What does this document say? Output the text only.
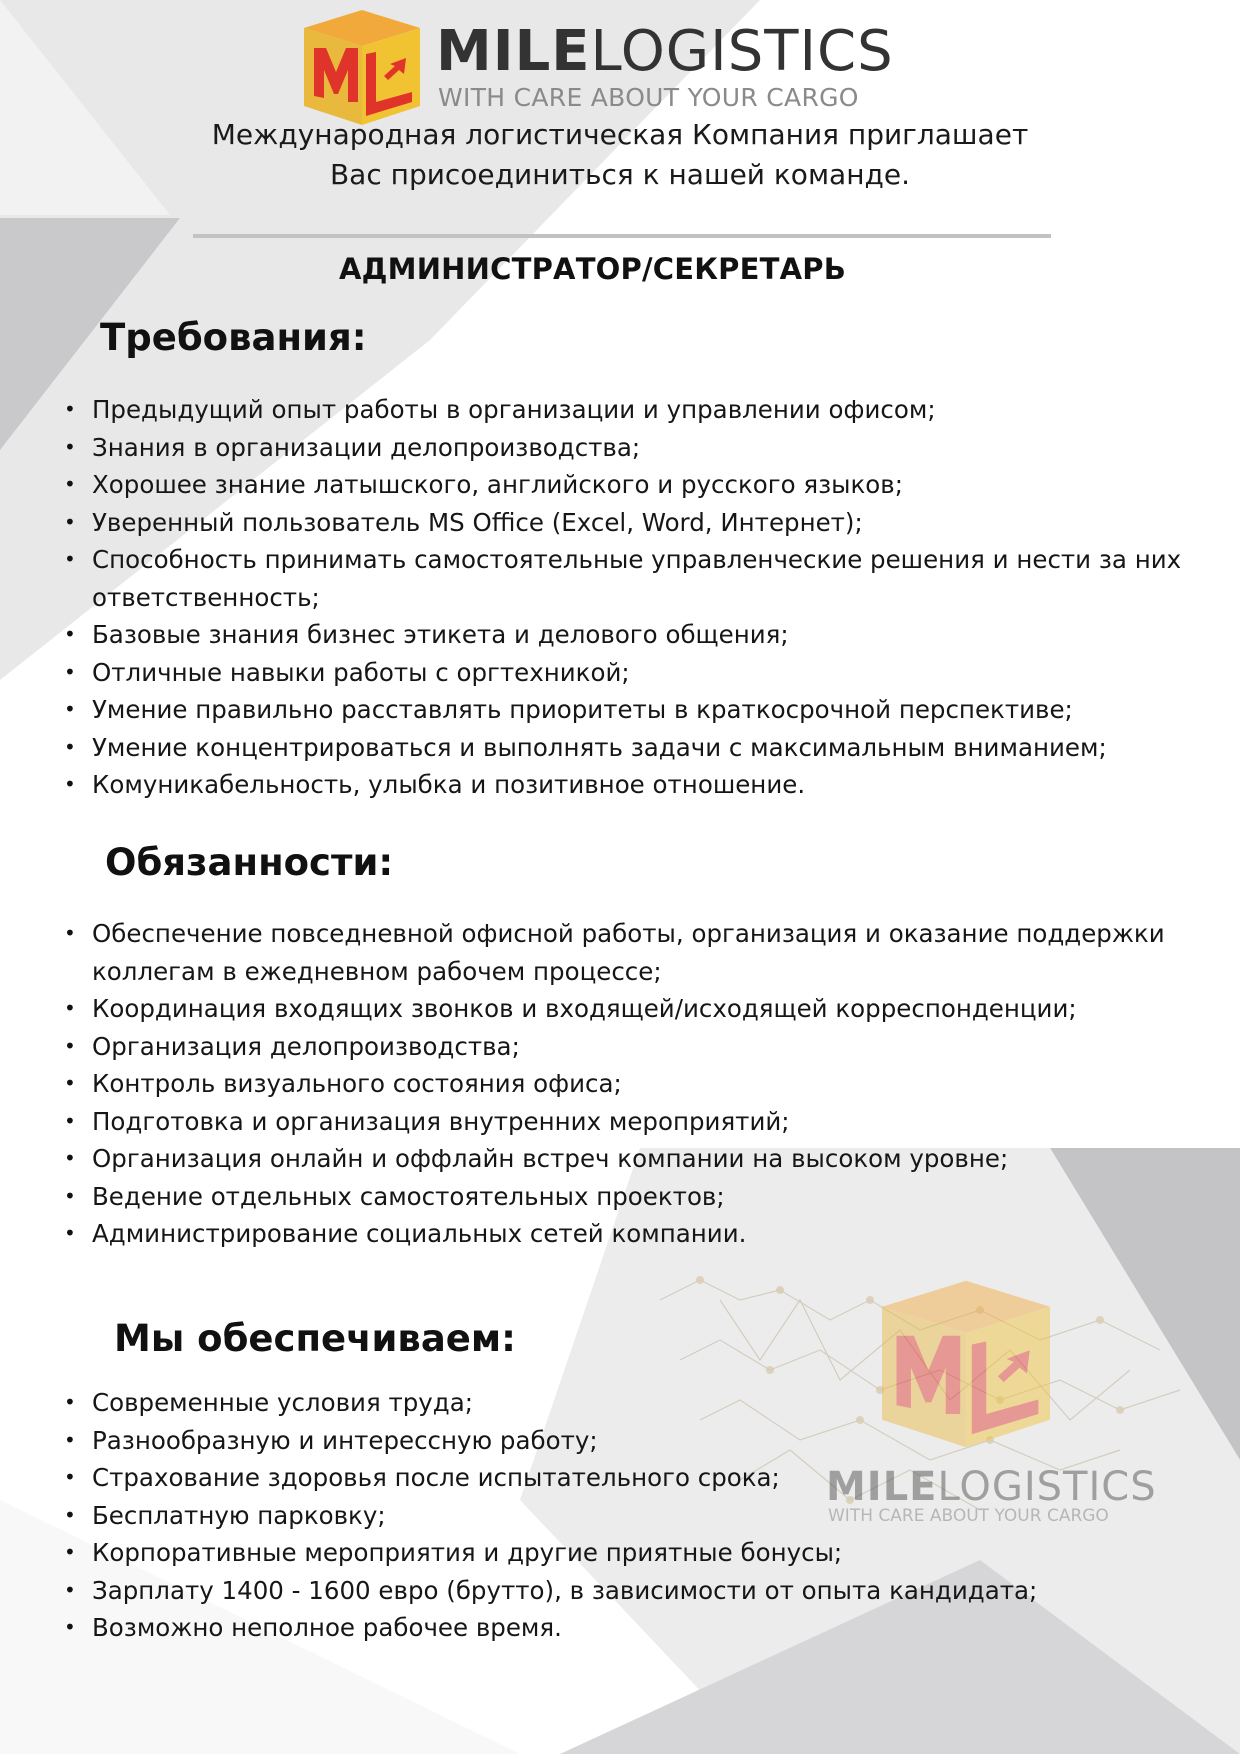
MILELOGISTICS
WITH CARE ABOUT YOUR CARGO
Международная логистическая Компания приглашает
Вас присоединиться к нашей команде.
АДМИНИСТРАТОР/СЕКРЕТАРЬ
Требования:
• Предыдущий опыт работы в организации и управлении офисом;
• Знания в организации делопроизводства;
• Хорошее знание латышского, английского и русского языков;
• Уверенный пользователь MS Office (Excel, Word, Интернет);
• Способность принимать самостоятельные управленческие решения и нести за них ответственность;
• Базовые знания бизнес этикета и делового общения;
• Отличные навыки работы с оргтехникой;
• Умение правильно расставлять приоритеты в краткосрочной перспективе;
• Умение концентрироваться и выполнять задачи с максимальным вниманием;
• Комуникабельность, улыбка и позитивное отношение.
Обязанности:
• Обеспечение повседневной офисной работы, организация и оказание поддержки коллегам в ежедневном рабочем процессе;
• Координация входящих звонков и входящей/исходящей корреспонденции;
• Организация делопроизводства;
• Контроль визуального состояния офиса;
• Подготовка и организация внутренних мероприятий;
• Организация онлайн и оффлайн встреч компании на высоком уровне;
• Ведение отдельных самостоятельных проектов;
• Администрирование социальных сетей компании.
MILELOGISTICS
WITH CARE ABOUT YOUR CARGO
Мы обеспечиваем:
• Современные условия труда;
• Разнообразную и интерессную работу;
• Страхование здоровья после испытательного срока;
• Бесплатную парковку;
• Корпоративные мероприятия и другие приятные бонусы;
• Зарплату 1400 - 1600 евро (брутто), в зависимости от опыта кандидата;
• Возможно неполное рабочее время.
